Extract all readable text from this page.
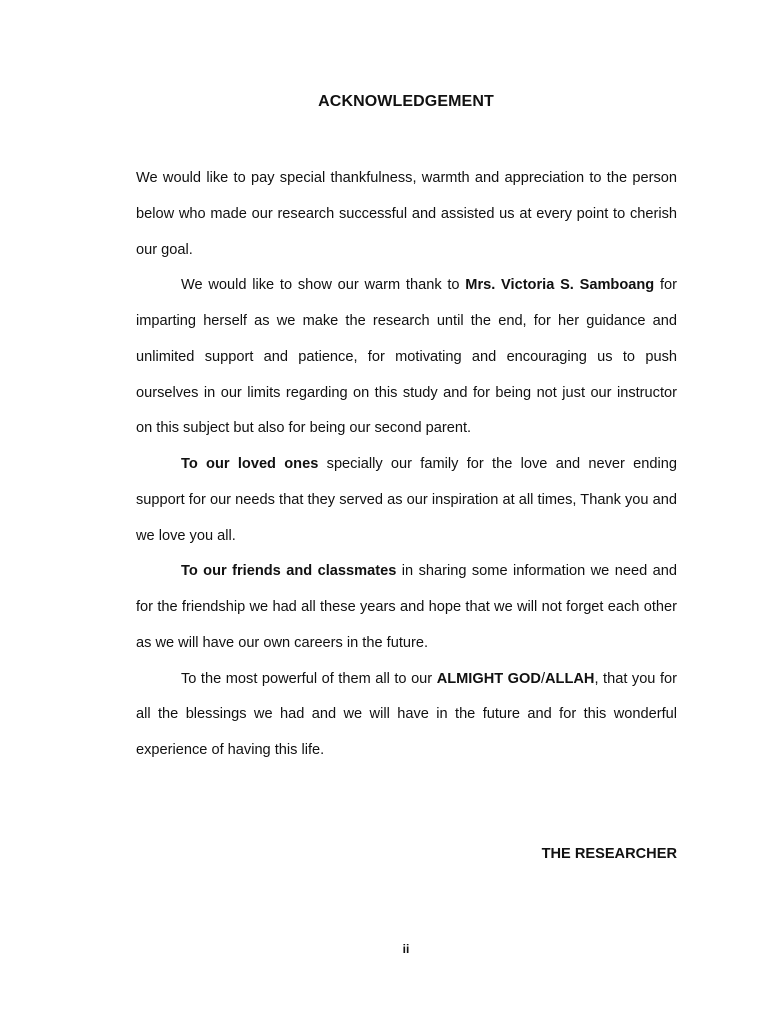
ACKNOWLEDGEMENT

We would like to pay special thankfulness, warmth and appreciation to the person below who made our research successful and assisted us at every point to cherish our goal.

We would like to show our warm thank to Mrs. Victoria S. Samboang for imparting herself as we make the research until the end, for her guidance and unlimited support and patience, for motivating and encouraging us to push ourselves in our limits regarding on this study and for being not just our instructor on this subject but also for being our second parent.

To our loved ones specially our family for the love and never ending support for our needs that they served as our inspiration at all times, Thank you and we love you all.

To our friends and classmates in sharing some information we need and for the friendship we had all these years and hope that we will not forget each other as we will have our own careers in the future.

To the most powerful of them all to our ALMIGHT GOD/ALLAH, that you for all the blessings we had and we will have in the future and for this wonderful experience of having this life.

THE RESEARCHER
ii
